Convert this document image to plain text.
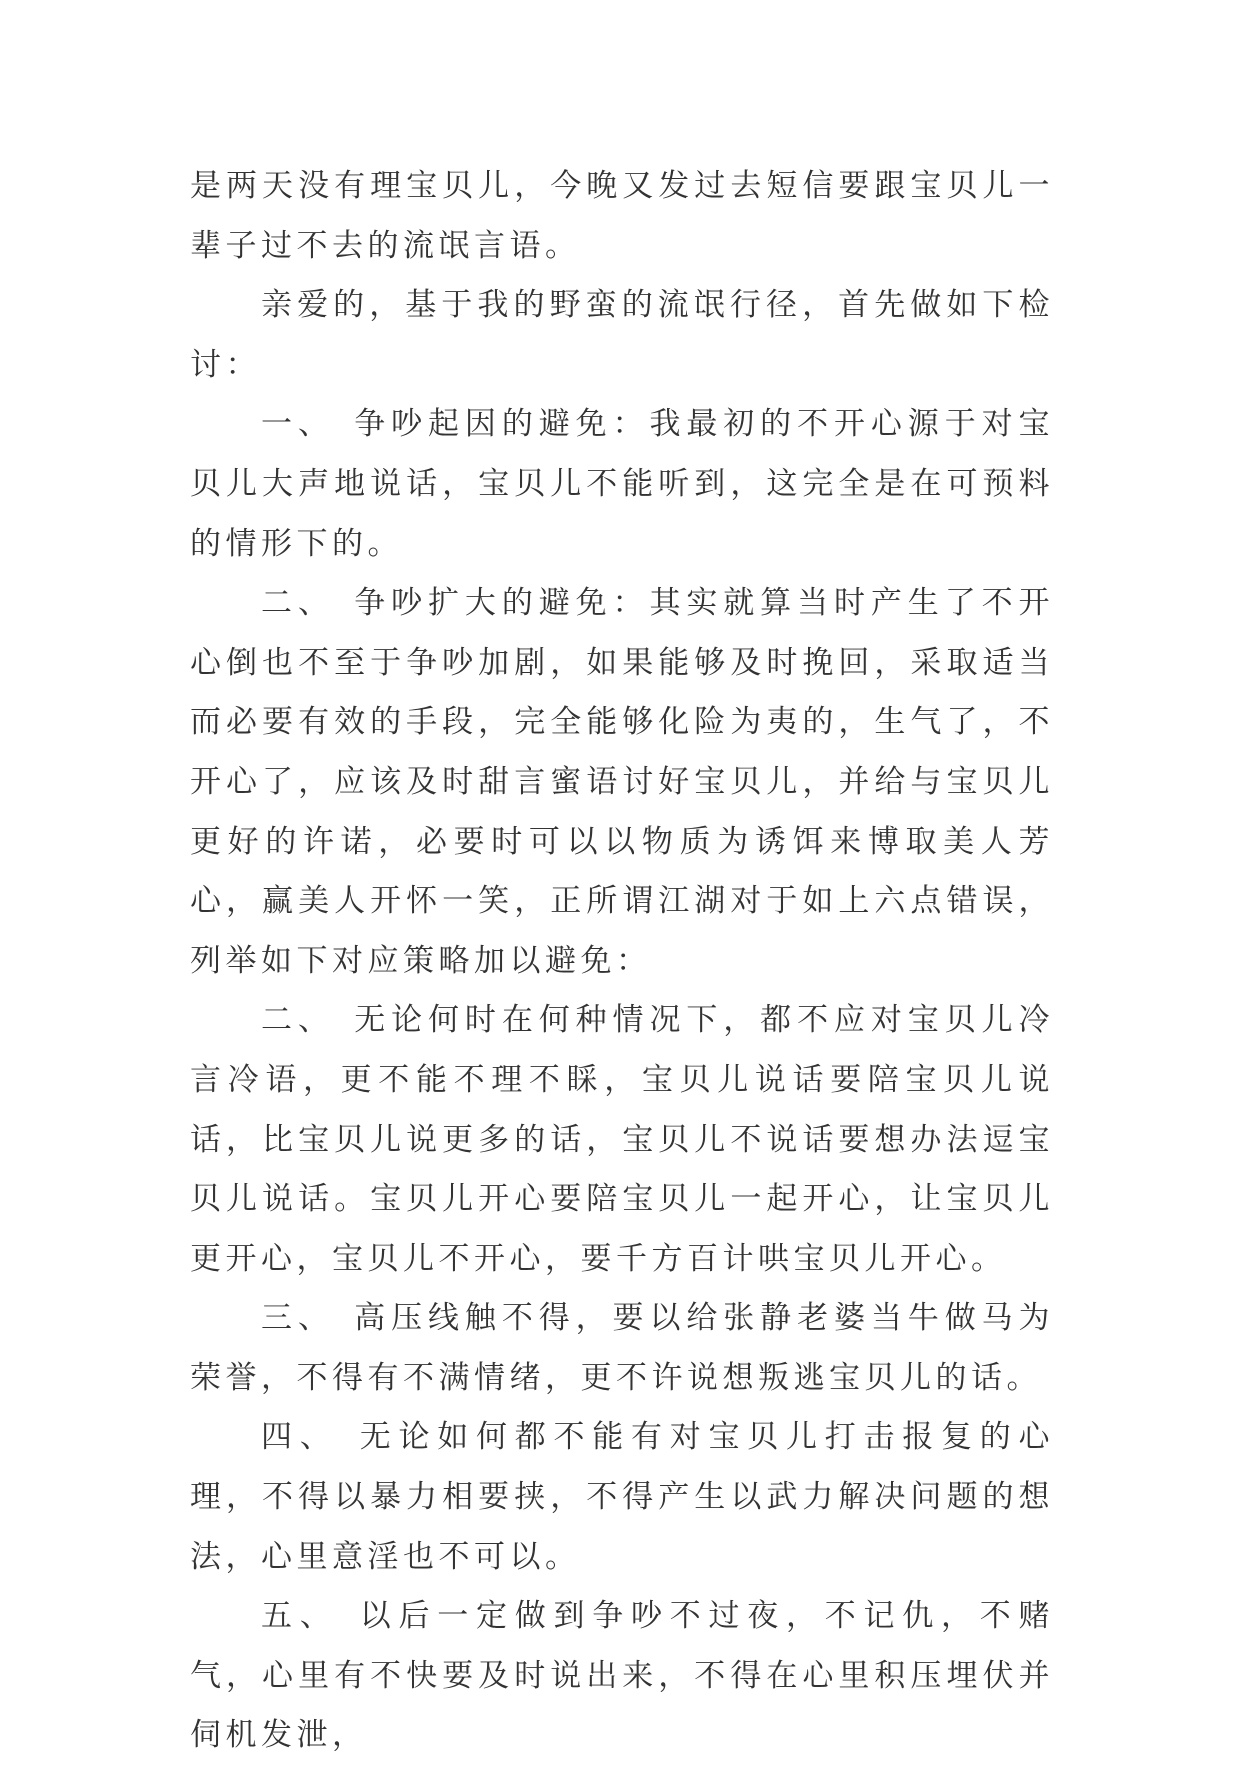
是两天没有理宝贝儿，今晚又发过去短信要跟宝贝儿一辈子过不去的流氓言语。

亲爱的，基于我的野蛮的流氓行径，首先做如下检讨：

一、 争吵起因的避免：我最初的不开心源于对宝贝儿大声地说话，宝贝儿不能听到，这完全是在可预料的情形下的。

二、 争吵扩大的避免：其实就算当时产生了不开心倒也不至于争吵加剧，如果能够及时挽回，采取适当而必要有效的手段，完全能够化险为夷的，生气了，不开心了，应该及时甜言蜜语讨好宝贝儿，并给与宝贝儿更好的许诺，必要时可以以物质为诱饵来博取美人芳心，赢美人开怀一笑，正所谓江湖对于如上六点错误，列举如下对应策略加以避免：

二、 无论何时在何种情况下，都不应对宝贝儿冷言冷语，更不能不理不睬，宝贝儿说话要陪宝贝儿说话，比宝贝儿说更多的话，宝贝儿不说话要想办法逗宝贝儿说话。宝贝儿开心要陪宝贝儿一起开心，让宝贝儿更开心，宝贝儿不开心，要千方百计哄宝贝儿开心。

三、 高压线触不得，要以给张静老婆当牛做马为荣誉，不得有不满情绪，更不许说想叛逃宝贝儿的话。

四、 无论如何都不能有对宝贝儿打击报复的心理，不得以暴力相要挟，不得产生以武力解决问题的想法，心里意淫也不可以。

五、 以后一定做到争吵不过夜，不记仇，不赌气，心里有不快要及时说出来，不得在心里积压埋伏并伺机发泄，
